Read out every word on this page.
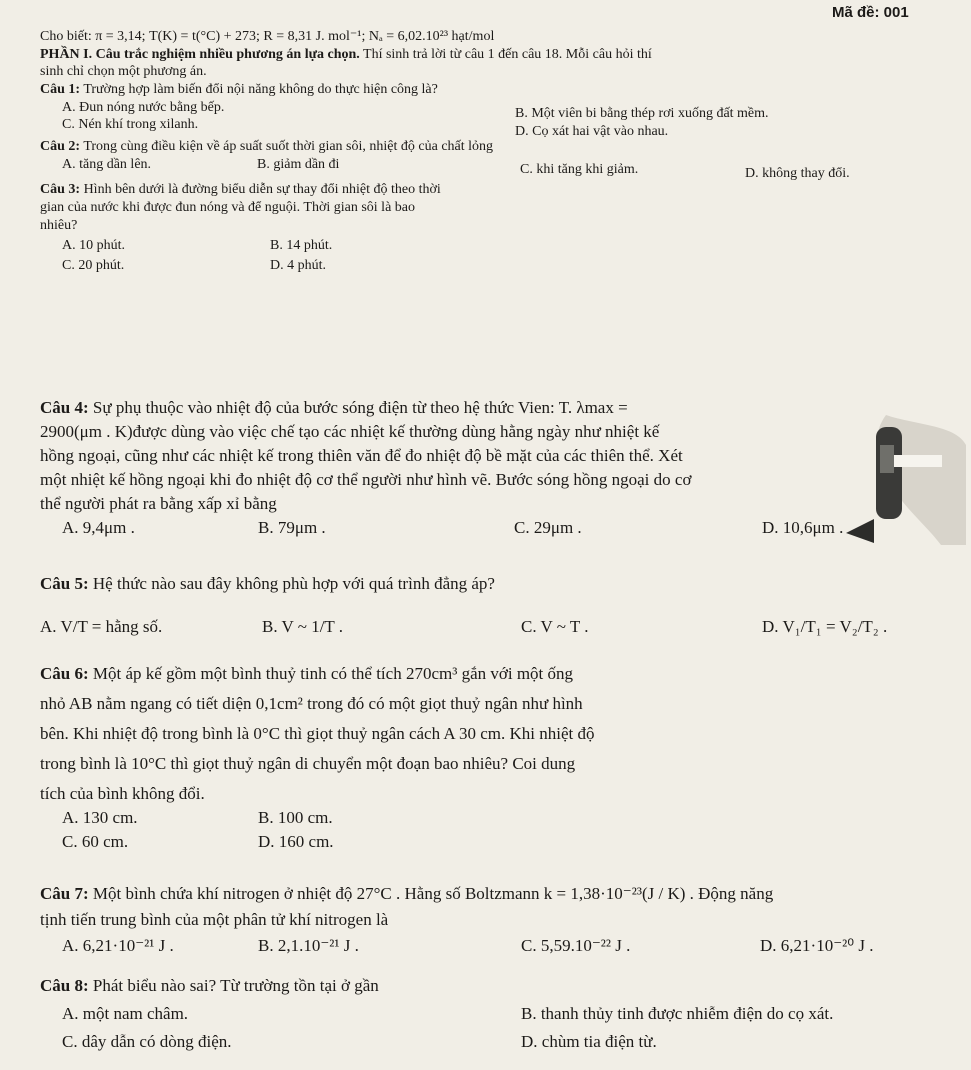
Mã đề: 001
Cho biết: π = 3,14; T(K) = t(°C) + 273; R = 8,31 J. mol⁻¹; Nₐ = 6,02.10²³ hạt/mol
PHẦN I. Câu trắc nghiệm nhiều phương án lựa chọn. Thí sinh trả lời từ câu 1 đến câu 18. Mỗi câu hỏi thí
sinh chỉ chọn một phương án.
Câu 1: Trường hợp làm biến đổi nội năng không do thực hiện công là?
A. Đun nóng nước bằng bếp.	B. Một viên bi bằng thép rơi xuống đất mềm.
C. Nén khí trong xilanh.	D. Cọ xát hai vật vào nhau.
Câu 2: Trong cùng điều kiện về áp suất suốt thời gian sôi, nhiệt độ của chất lỏng
A. tăng dần lên.	B. giảm dần đi	C. khi tăng khi giảm.	D. không thay đổi.
Câu 3: Hình bên dưới là đường biểu diễn sự thay đổi nhiệt độ theo thời
gian của nước khi được đun nóng và để nguội. Thời gian sôi là bao
nhiêu?
A. 10 phút.	B. 14 phút.
C. 20 phút.	D. 4 phút.
Câu 4: Sự phụ thuộc vào nhiệt độ của bước sóng điện từ theo hệ thức Vien: T. λmax =
2900(μm . K)được dùng vào việc chế tạo các nhiệt kế thường dùng hằng ngày như nhiệt kế
hồng ngoại, cũng như các nhiệt kế trong thiên văn để đo nhiệt độ bề mặt của các thiên thể. Xét
một nhiệt kế hồng ngoại khi đo nhiệt độ cơ thể người như hình vẽ. Bước sóng hồng ngoại do cơ
thể người phát ra bằng xấp xỉ bằng
A. 9,4μm .	B. 79μm .	C. 29μm .	D. 10,6μm .
Câu 5: Hệ thức nào sau đây không phù hợp với quá trình đẳng áp?
A. V/T = hằng số.	B. V ~ 1/T .	C. V ~ T .	D. V₁/T₁ = V₂/T₂ .
Câu 6: Một áp kế gồm một bình thuỷ tinh có thể tích 270cm³ gắn với một ống
nhỏ AB nằm ngang có tiết diện 0,1cm² trong đó có một giọt thuỷ ngân như hình
bên. Khi nhiệt độ trong bình là 0°C thì giọt thuỷ ngân cách A 30 cm. Khi nhiệt độ
trong bình là 10°C thì giọt thuỷ ngân di chuyển một đoạn bao nhiêu? Coi dung
tích của bình không đổi.
A. 130 cm.	B. 100 cm.
C. 60 cm.	D. 160 cm.
Câu 7: Một bình chứa khí nitrogen ở nhiệt độ 27°C . Hằng số Boltzmann k = 1,38·10⁻²³(J / K) . Động năng
tịnh tiến trung bình của một phân tử khí nitrogen là
A. 6,21·10⁻²¹ J .	B. 2,1.10⁻²¹ J .	C. 5,59.10⁻²² J .	D. 6,21·10⁻²⁰ J .
Câu 8: Phát biểu nào sai? Từ trường tồn tại ở gần
A. một nam châm.	B. thanh thủy tinh được nhiễm điện do cọ xát.
C. dây dẫn có dòng điện.	D. chùm tia điện từ.
